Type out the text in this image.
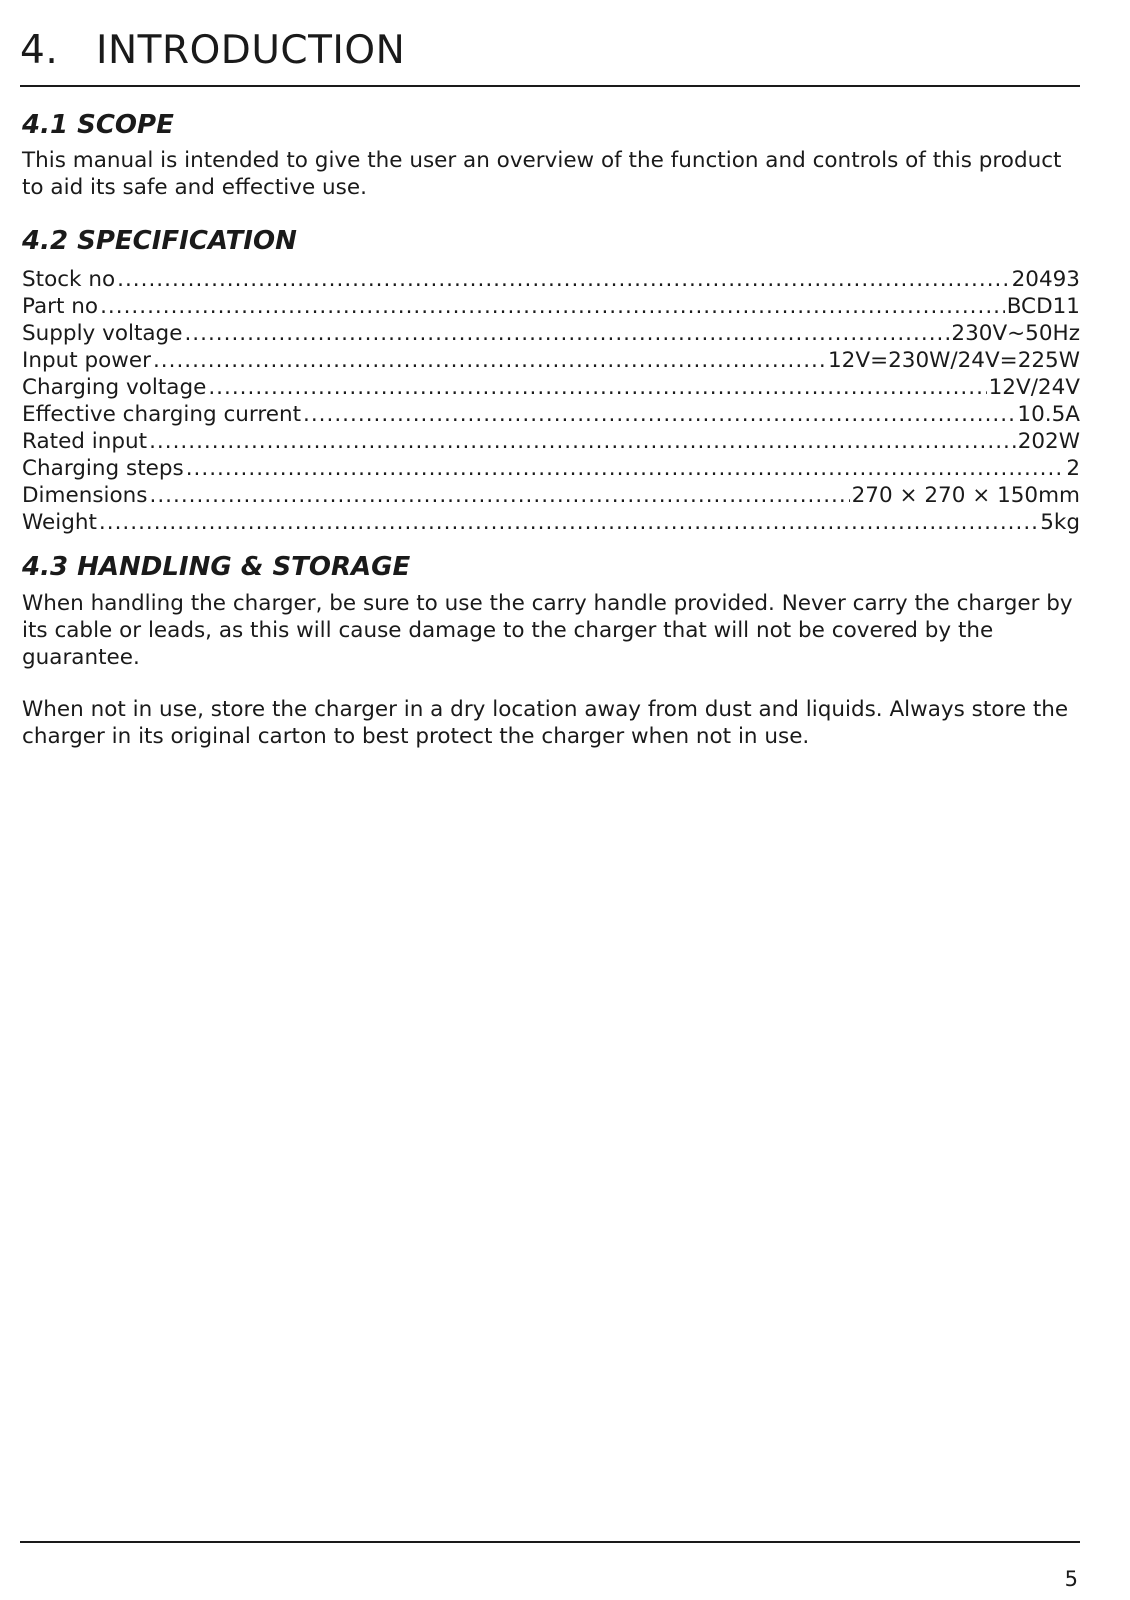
4. INTRODUCTION
4.1 SCOPE

This manual is intended to give the user an overview of the function and controls of this product to aid its safe and effective use.

4.2 SPECIFICATION
Stock no .....	20493
Part no .....	BCD11
Supply voltage .....	230V~50Hz
Input power .....	12V=230W/24V=225W
Charging voltage .....	12V/24V
Effective charging current .....	10.5A
Rated input .....	202W
Charging steps .....	2
Dimensions .....	270 × 270 × 150mm
Weight .....	5kg
4.3 HANDLING & STORAGE

When handling the charger, be sure to use the carry handle provided. Never carry the charger by its cable or leads, as this will cause damage to the charger that will not be covered by the guarantee.

When not in use, store the charger in a dry location away from dust and liquids. Always store the charger in its original carton to best protect the charger when not in use.

5
